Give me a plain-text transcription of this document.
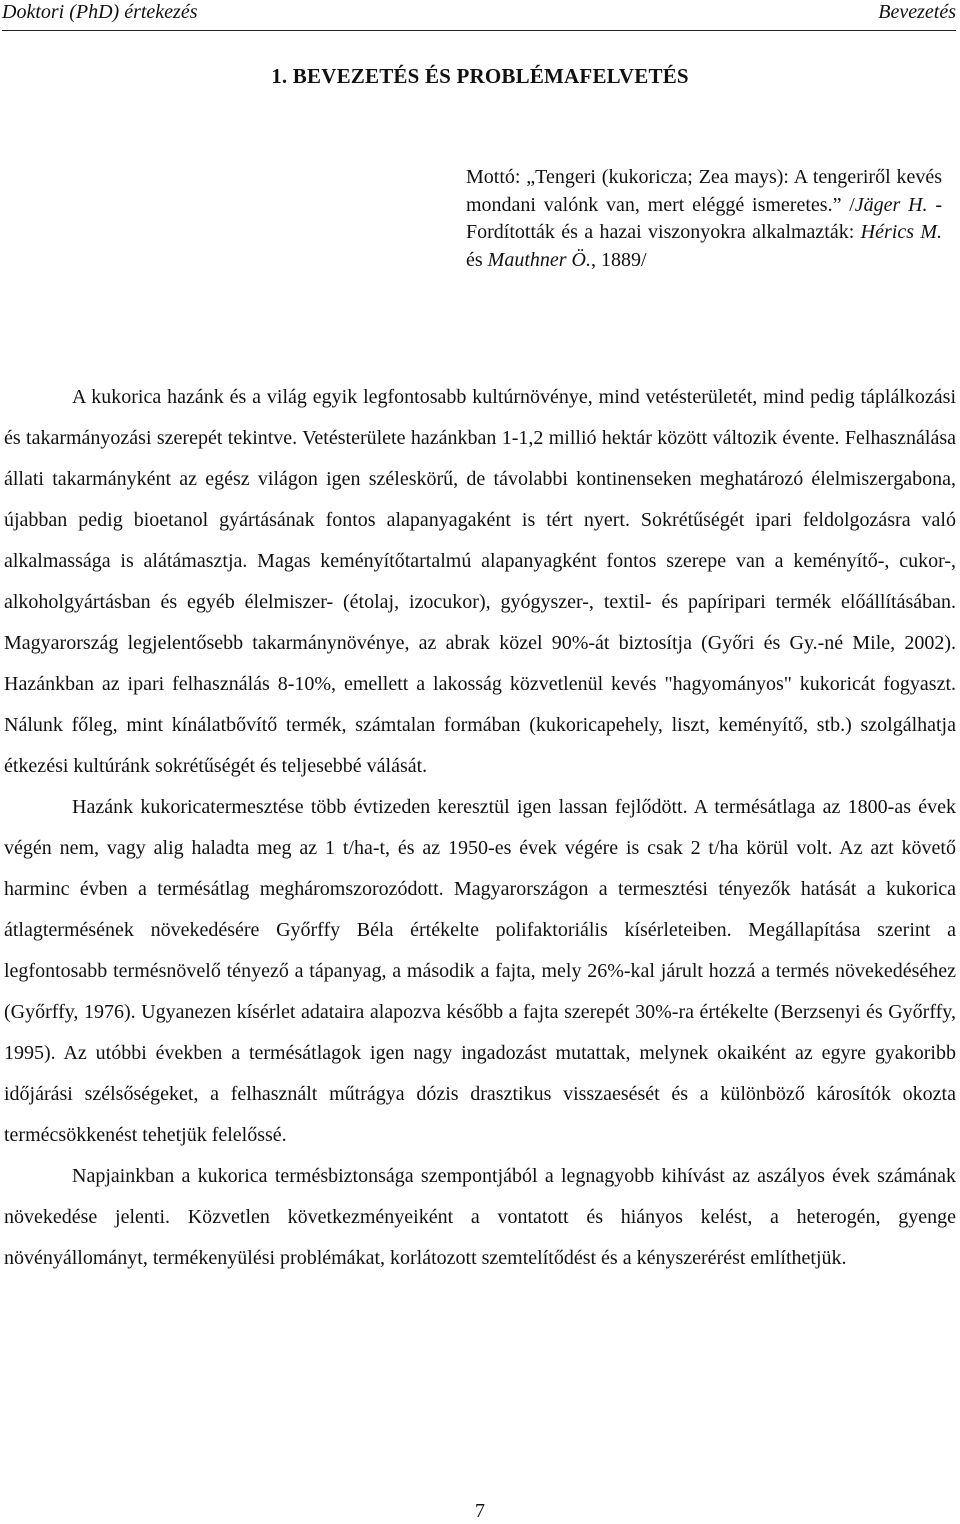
Doktori (PhD) értekezés	Bevezetés
1. BEVEZETÉS ÉS PROBLÉMAFELVETÉS
Mottó: „Tengeri (kukoricza; Zea mays): A tengeriről kevés mondani valónk van, mert eléggé ismeretes.” /Jäger H. - Fordították és a hazai viszonyokra alkalmazták: Hérics M. és Mauthner Ö., 1889/

A kukorica hazánk és a világ egyik legfontosabb kultúrnövénye, mind vetésterületét, mind pedig táplálkozási és takarmányozási szerepét tekintve. Vetésterülete hazánkban 1-1,2 millió hektár között változik évente. Felhasználása állati takarmányként az egész világon igen széleskörű, de távolabbi kontinenseken meghatározó élelmiszergabona, újabban pedig bioetanol gyártásának fontos alapanyagaként is tért nyert. Sokrétűségét ipari feldolgozásra való alkalmassága is alátámasztja. Magas keményítőtartalmú alapanyagként fontos szerepe van a keményítő-, cukor-, alkoholgyártásban és egyéb élelmiszer- (étolaj, izocukor), gyógyszer-, textil- és papíripari termék előállításában. Magyarország legjelentősebb takarmánynövénye, az abrak közel 90%-át biztosítja (Győri és Gy.-né Mile, 2002). Hazánkban az ipari felhasználás 8-10%, emellett a lakosság közvetlenül kevés "hagyományos" kukoricát fogyaszt. Nálunk főleg, mint kínálatbővítő termék, számtalan formában (kukoricapehely, liszt, keményítő, stb.) szolgálhatja étkezési kultúránk sokrétűségét és teljesebbé válását.

Hazánk kukoricatermesztése több évtizeden keresztül igen lassan fejlődött. A termésátlaga az 1800-as évek végén nem, vagy alig haladta meg az 1 t/ha-t, és az 1950-es évek végére is csak 2 t/ha körül volt. Az azt követő harminc évben a termésátlag megháromszorozódott. Magyarországon a termesztési tényezők hatását a kukorica átlagtermésének növekedésére Győrffy Béla értékelte polifaktoriális kísérleteiben. Megállapítása szerint a legfontosabb termésnövelő tényező a tápanyag, a második a fajta, mely 26%-kal járult hozzá a termés növekedéséhez (Győrffy, 1976). Ugyanezen kísérlet adataira alapozva később a fajta szerepét 30%-ra értékelte (Berzsenyi és Győrffy, 1995). Az utóbbi években a termésátlagok igen nagy ingadozást mutattak, melynek okaiként az egyre gyakoribb időjárási szélsőségeket, a felhasznált műtrágya dózis drasztikus visszaesését és a különböző károsítók okozta termécsökkenést tehetjük felelőssé.

Napjainkban a kukorica termésbiztonsága szempontjából a legnagyobb kihívást az aszályos évek számának növekedése jelenti. Közvetlen következményeiként a vontatott és hiányos kelést, a heterogén, gyenge növényállományt, termékenyülési problémákat, korlátozott szemtelítődést és a kényszerérést említhetjük.

7
